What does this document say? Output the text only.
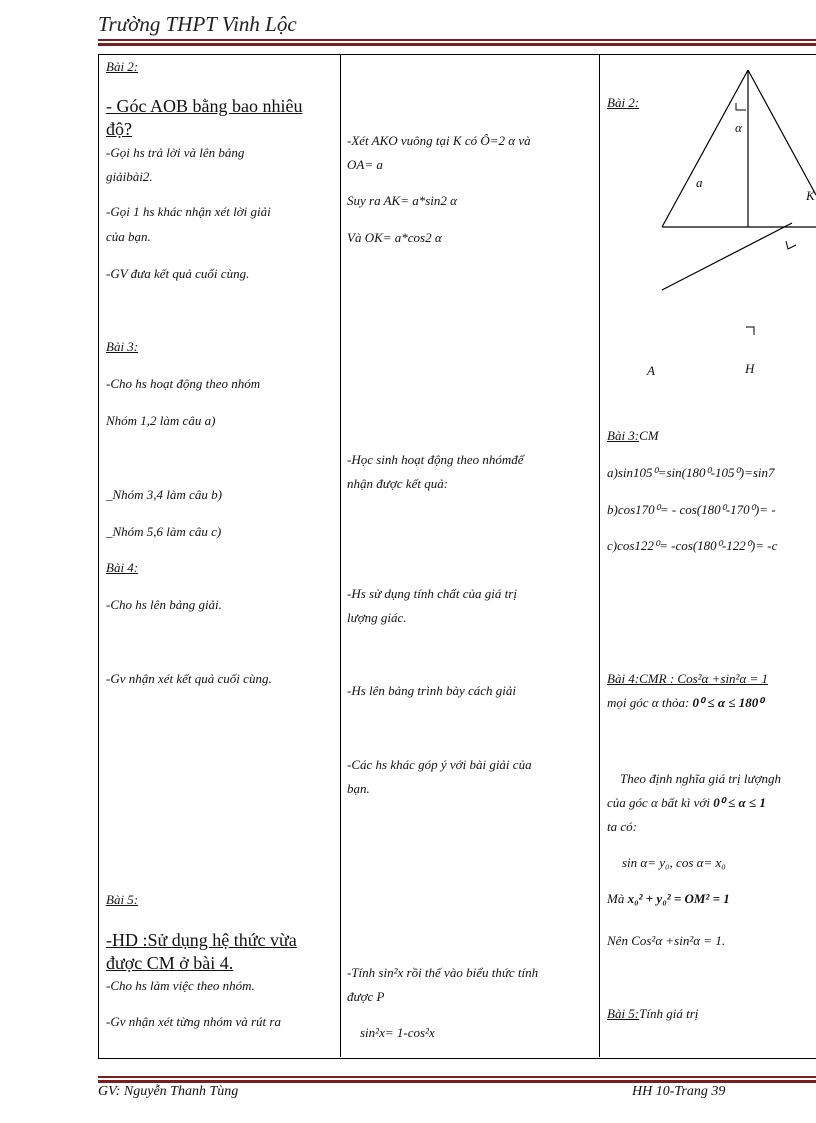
Trường THPT Vinh Lộc
Bài 2:
- Góc AOB bằng bao nhiêu
độ?
-Gọi hs trả lời và lên bảng
giảibài2.
-Gọi 1 hs khác nhận xét lời giải
của bạn.
-GV đưa kết quả cuối cùng.
Bài 3:
-Cho hs hoạt động theo nhóm
Nhóm 1,2 làm câu a)
_Nhóm 3,4 làm câu b)
_Nhóm 5,6 làm câu c)
Bài 4:
-Cho hs lên bảng giải.
-Gv nhận xét kết quả cuối cùng.
Bài 5:
-HD :Sử dụng hệ thức vừa
được CM ở bài 4.
-Cho hs làm việc theo nhóm.
-Gv nhận xét từng nhóm và rút ra
-Xét AKO vuông tại K có Ô=2 α và
OA= a
Suy ra AK= a*sin2 α
Và OK= a*cos2 α
-Học sinh hoạt động theo nhómđể
nhận được kết quả:
-Hs sử dụng tính chất của giá trị
lượng giác.
-Hs lên bảng trình bày cách giải
-Các hs khác góp ý với bài giải của
bạn.
-Tính sin²x rồi thế vào biểu thức tính
được P
sin²x= 1-cos²x
Bài 2:
α
a
K
A	H
Bài 3:CM
a)sin105⁰=sin(180⁰-105⁰)=sin7
b)cos170⁰= - cos(180⁰-170⁰)= -
c)cos122⁰= -cos(180⁰-122⁰)= -c
Bài 4:CMR : Cos²α +sin²α = 1
mọi góc α thỏa: 0⁰ ≤ α ≤ 180⁰
Theo định nghĩa giá trị lượngh
của góc α bất kì với 0⁰ ≤ α ≤ 1
ta có:
sin α= y₀, cos α= x₀
Mà x₀² + y₀² = OM² = 1
Nên Cos²α +sin²α = 1.
Bài 5:Tính giá trị
GV: Nguyễn Thanh Tùng	HH 10-Trang 39
